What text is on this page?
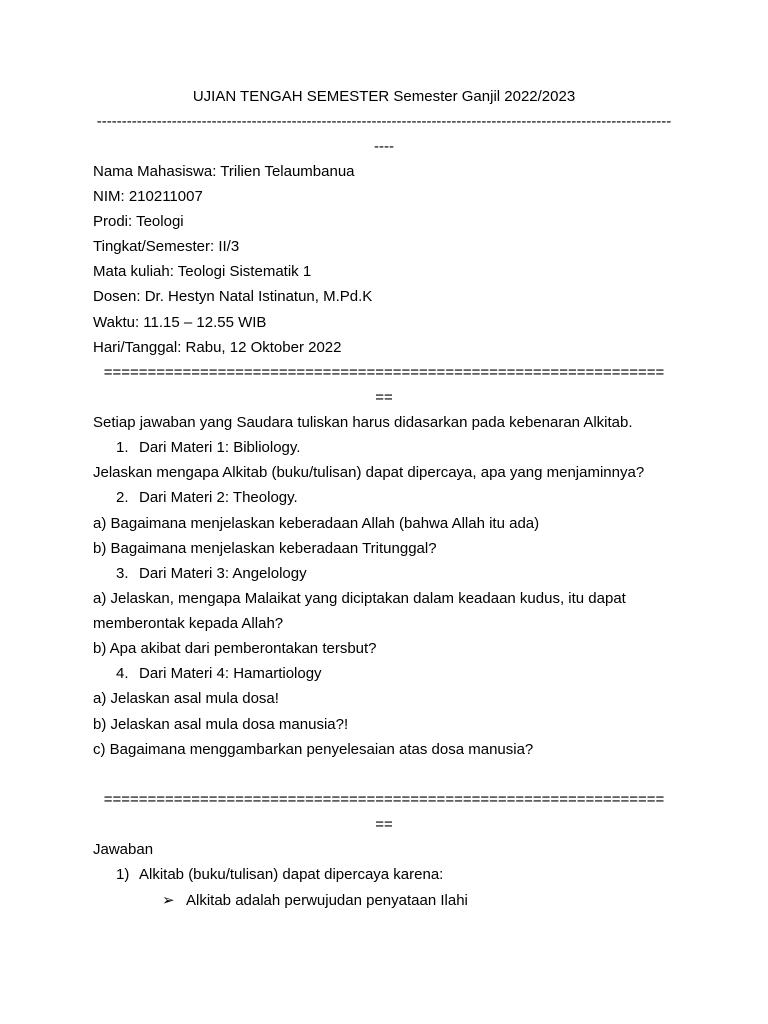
UJIAN TENGAH SEMESTER Semester Ganjil 2022/2023
-------------------------------------------------------------------------------------------------------------------
----
Nama Mahasiswa: Trilien Telaumbanua
NIM: 210211007
Prodi: Teologi
Tingkat/Semester: II/3
Mata kuliah: Teologi Sistematik 1
Dosen: Dr. Hestyn Natal Istinatun, M.Pd.K
Waktu: 11.15 – 12.55 WIB
Hari/Tanggal: Rabu, 12 Oktober 2022
================================================================
==
Setiap jawaban yang Saudara tuliskan harus didasarkan pada kebenaran Alkitab.
1. Dari Materi 1: Bibliology.
Jelaskan mengapa Alkitab (buku/tulisan) dapat dipercaya, apa yang menjaminnya?
2. Dari Materi 2: Theology.
a) Bagaimana menjelaskan keberadaan Allah (bahwa Allah itu ada)
b) Bagaimana menjelaskan keberadaan Tritunggal?
3. Dari Materi 3: Angelology
a) Jelaskan, mengapa Malaikat yang diciptakan dalam keadaan kudus, itu dapat
memberontak kepada Allah?
b) Apa akibat dari pemberontakan tersbut?
4. Dari Materi 4: Hamartiology
a) Jelaskan asal mula dosa!
b) Jelaskan asal mula dosa manusia?!
c) Bagaimana menggambarkan penyelesaian atas dosa manusia?
================================================================
==
Jawaban
1) Alkitab (buku/tulisan) dapat dipercaya karena:
➢ Alkitab adalah perwujudan penyataan Ilahi
